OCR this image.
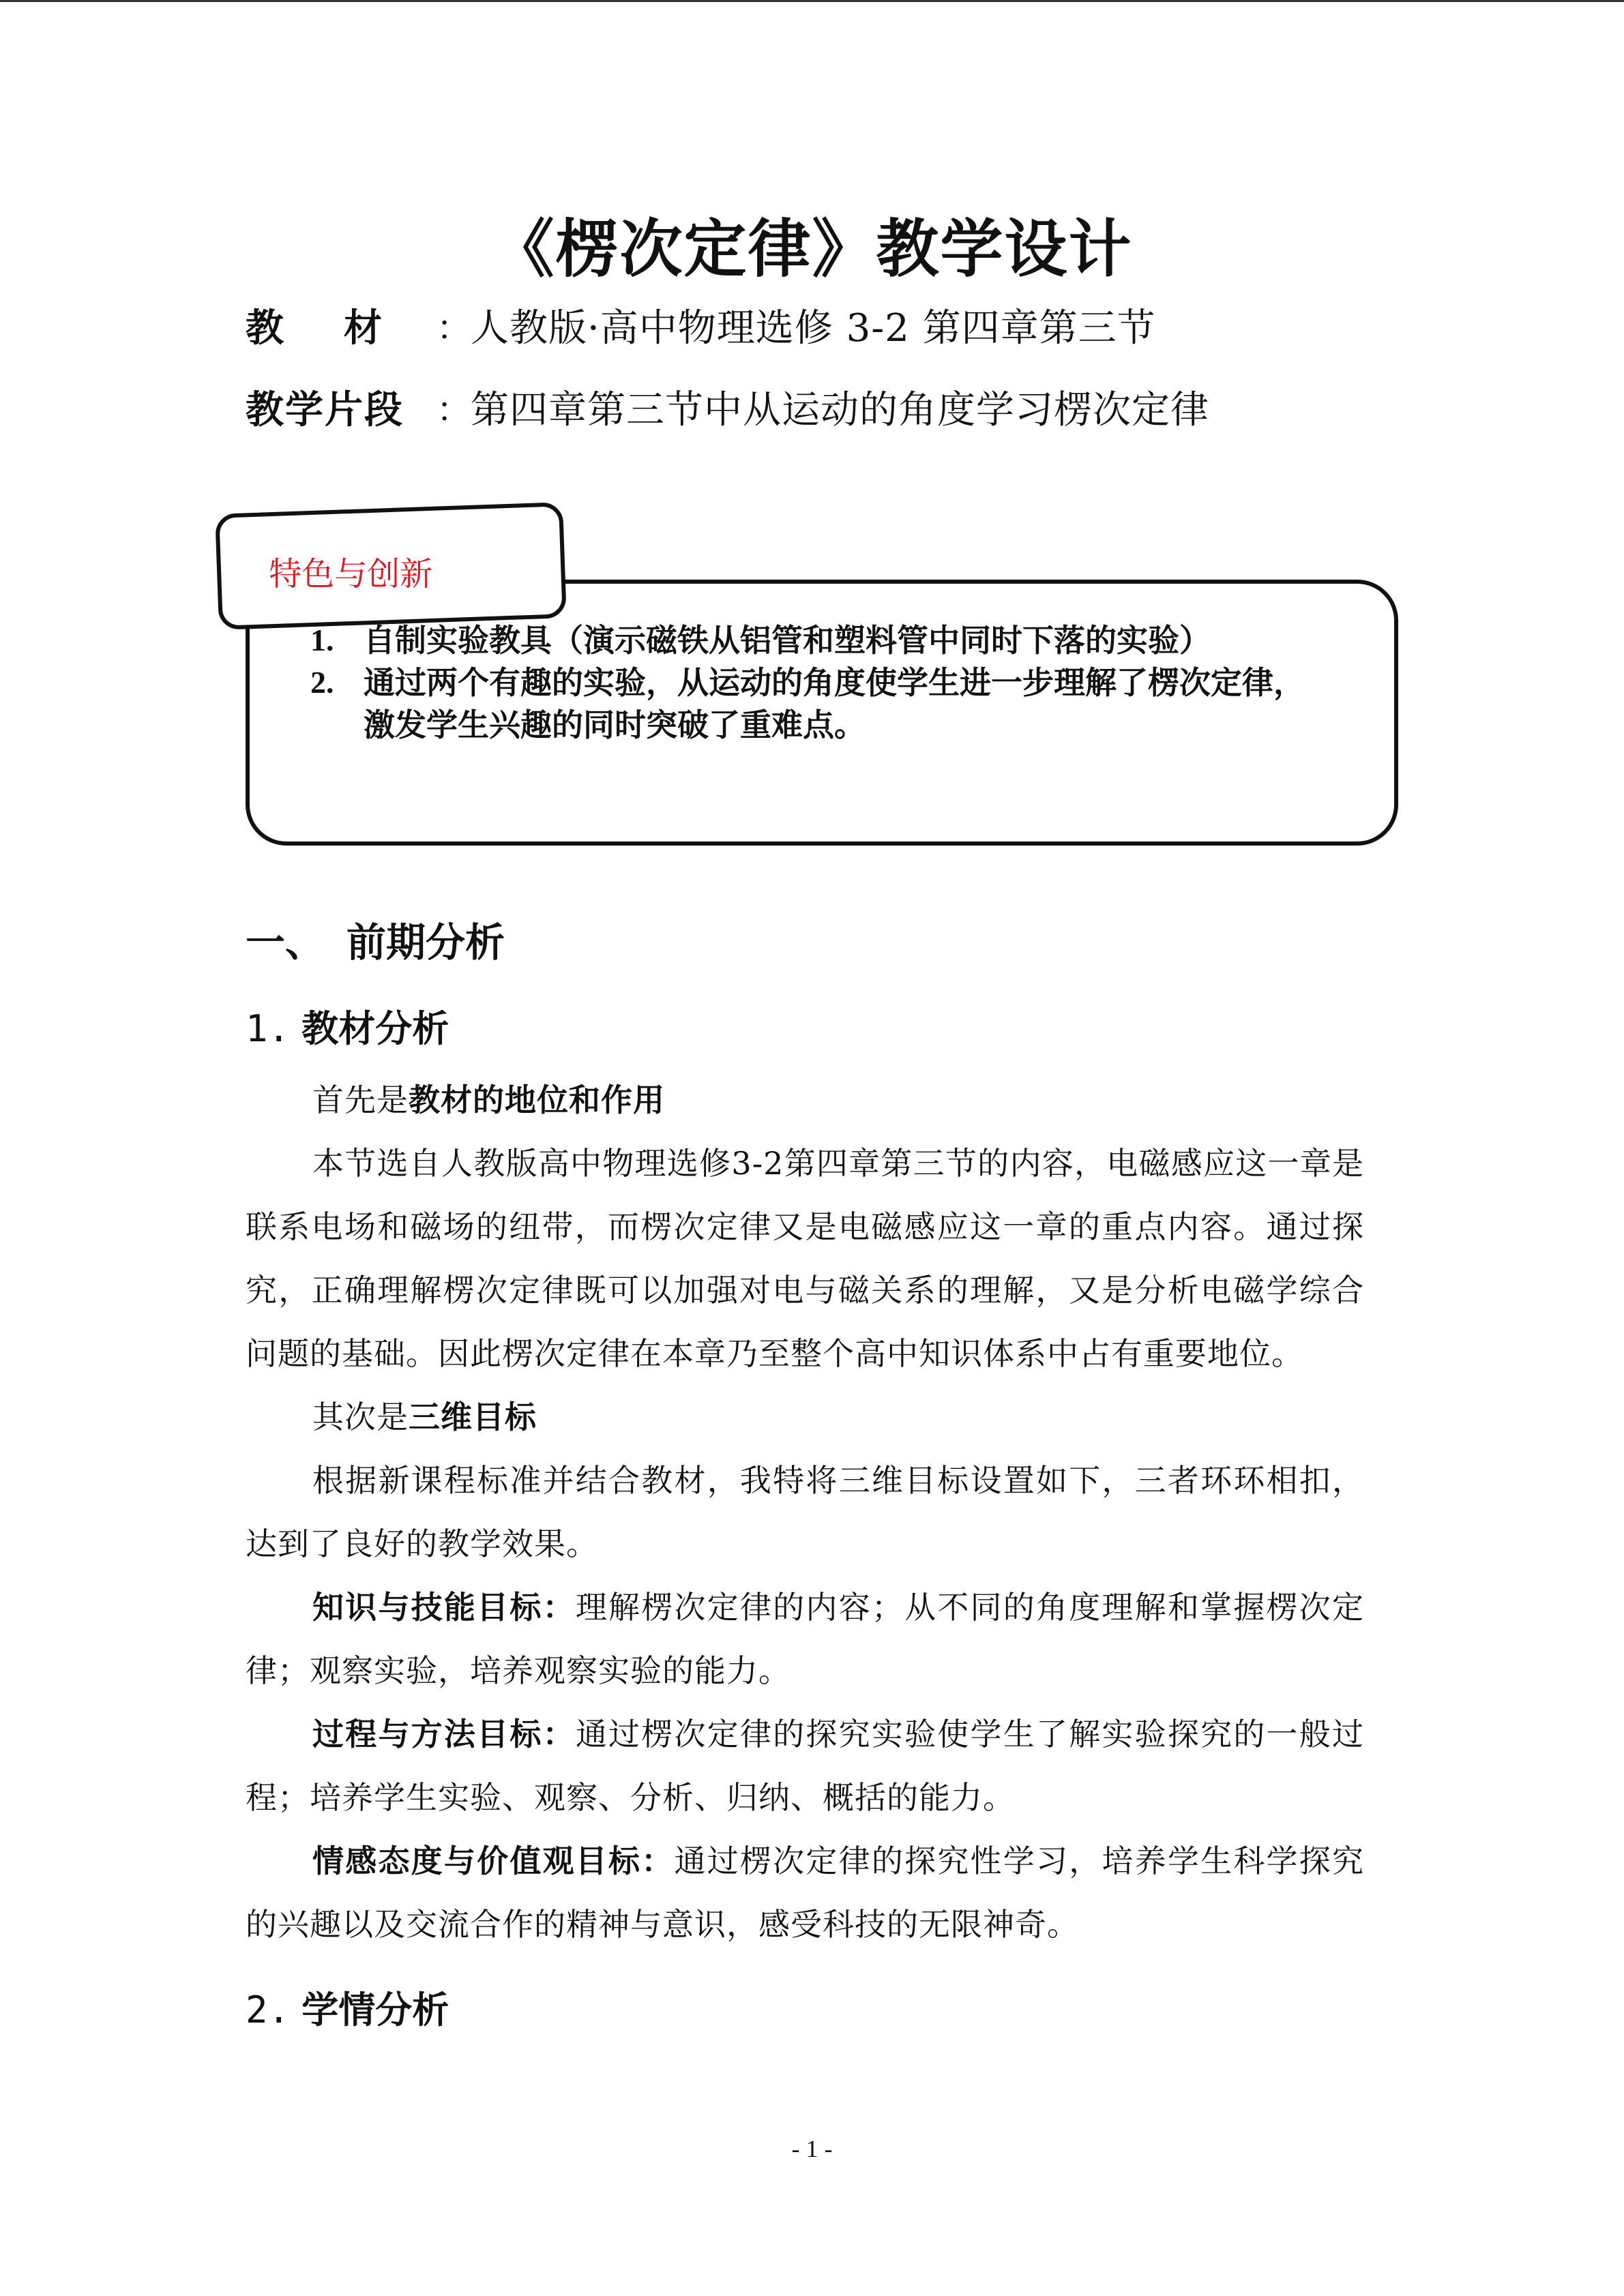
《楞次定律》教学设计
教    材	： 人教版·高中物理选修 3-2 第四章第三节
教学片段 ： 第四章第三节中从运动的角度学习楞次定律
特色与创新
1. 自制实验教具（演示磁铁从铝管和塑料管中同时下落的实验）
2. 通过两个有趣的实验，从运动的角度使学生进一步理解了楞次定律，激发学生兴趣的同时突破了重难点。
一、 前期分析
1. 教材分析
首先是教材的地位和作用
本节选自人教版高中物理选修3-2第四章第三节的内容，电磁感应这一章是联系电场和磁场的纽带，而楞次定律又是电磁感应这一章的重点内容。通过探究，正确理解楞次定律既可以加强对电与磁关系的理解，又是分析电磁学综合问题的基础。因此楞次定律在本章乃至整个高中知识体系中占有重要地位。
其次是三维目标
根据新课程标准并结合教材，我特将三维目标设置如下，三者环环相扣，达到了良好的教学效果。
知识与技能目标：理解楞次定律的内容；从不同的角度理解和掌握楞次定律；观察实验，培养观察实验的能力。
过程与方法目标：通过楞次定律的探究实验使学生了解实验探究的一般过程；培养学生实验、观察、分析、归纳、概括的能力。
情感态度与价值观目标：通过楞次定律的探究性学习，培养学生科学探究的兴趣以及交流合作的精神与意识，感受科技的无限神奇。
2. 学情分析
- 1 -
